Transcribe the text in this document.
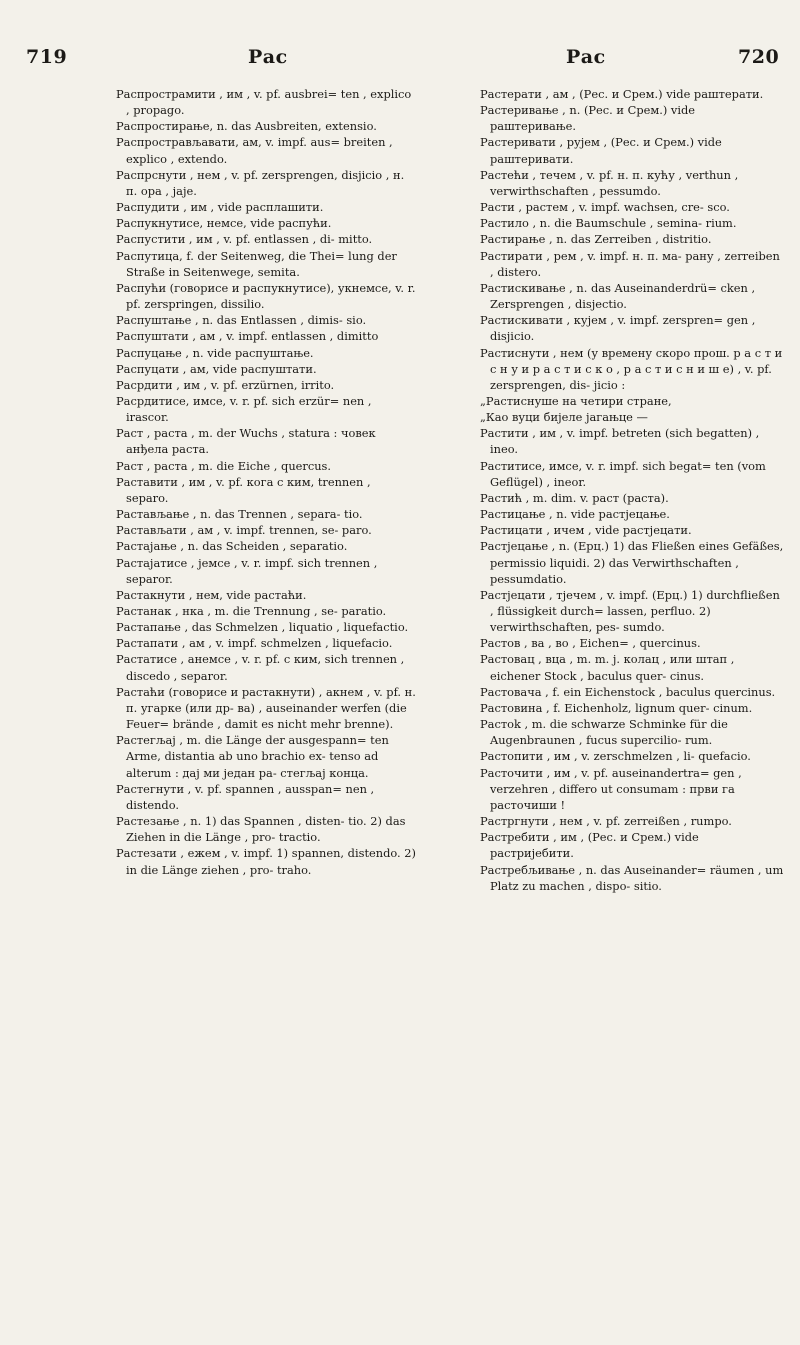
719	Рас	Рас	720

Распрострамити , им , v. pf. ausbrei= ten , explico , propago.

Распростирање, n. das Ausbreiten, extensio.

Распрострављавати, ам, v. impf. aus= breiten , explico , extendo.

Распрснути , нем , v. pf. zersprengen, disjicio , н. п. ора , jaje.

Распудити , им , vide расплашити.

Распукнутисе, немсе, vide распући.

Распустити , им , v. pf. entlassen , di- mitto.

Распутица, f. der Seitenweg, die Thei= lung der Straße in Seitenwege, semita.

Распући (говорисе и распукнутисе), укнемсе, v. r. pf. zerspringen, dissilio.

Распуштање , n. das Entlassen , dimis- sio.

Распуштати , ам , v. impf. entlassen , dimitto

Распуцање , n. vide распуштање.

Распуцати , ам, vide распуштати.

Расрдити , им , v. pf. erzürnen, irrito.

Расрдитисе, имсе, v. r. pf. sich erzür= nen , irascor.

Раст , раста , m. der Wuchs , statura : човек анђела раста.

Раст , раста , m. die Eiche , quercus.

Раставити , им , v. pf. кога с ким, trennen , separo.

Растављање , n. das Trennen , separa- tio.

Растављати , ам , v. impf. trennen, se- paro.

Растајање , n. das Scheiden , separatio.

Растајатисе , јемсе , v. r. impf. sich trennen , separor.

Растакнути , нем, vide растаћи.

Растанак , нка , m. die Trennung , se- paratio.

Растапање , das Schmelzen , liquatio , liquefactio.

Растапати , ам , v. impf. schmelzen , liquefacio.

Растатисе , анемсе , v. r. pf. с ким, sich trennen , discedo , separor.

Растаћи (говорисе и растакнути) , акнем , v. pf. н. п. угарке (или др- ва) , auseinander werfen (die Feuer= brände , damit es nicht mehr brenne).

Растегљај , m. die Länge der ausgespann= ten Arme, distantia ab uno brachio ex- tenso ad alterum : дај ми један ра- стегљај конца.

Растегнути , v. pf. spannen , ausspan= nen , distendo.

Растезање , n. 1) das Spannen , disten- tio. 2) das Ziehen in die Länge , pro- tractio.

Растезати , ежем , v. impf. 1) spannen, distendo. 2) in die Länge ziehen , pro- traho.

Растерати , ам , (Рес. и Срем.) vide раштерати.

Растеривање , n. (Рес. и Срем.) vide раштеривање.

Растеривати , рујем , (Рес. и Срем.) vide раштеривати.

Растећи , течем , v. pf. н. п. кућу , verthun , verwirthschaften , pessumdo.

Расти , растем , v. impf. wachsen, cre- sco.

Растило , n. die Baumschule , semina- rium.

Растирање , n. das Zerreiben , distritio.

Растирати , рем , v. impf. н. п. ма- рану , zerreiben , distero.

Растискивање , n. das Auseinanderdrü= cken , Zersprengen , disjectio.

Растискивати , кујем , v. impf. zerspren= gen , disjicio.

Растиснути , нем (у времену скоро прош. р а с т и с н у и р а с т и с к о , р а с т и с н и ш е) , v. pf. zersprengen, dis- jicio :

„Растиснуше на четири стране,

„Као вуци бијеле јагањце —

Растити , им , v. impf. betreten (sich begatten) , ineo.

Раститисе, имсе, v. r. impf. sich begat= ten (vom Geflügel) , ineor.

Растић , m. dim. v. раст (раста).

Растицање , n. vide растјецање.

Растицати , ичем , vide растјецати.

Растјецање , n. (Ерц.) 1) das Fließen eines Gefäßes, permissio liquidi. 2) das Verwirthschaften , pessumdatio.

Растјецати , тјечем , v. impf. (Ерц.) 1) durchfließen , flüssigkeit durch= lassen, perfluo. 2) verwirthschaften, pes- sumdo.

Растов , ва , во , Eichen= , quercinus.

Растовац , вца , m. m. j. колац , или штап , eichener Stock , baculus quer- cinus.

Растовача , f. ein Eichenstock , baculus quercinus.

Растовина , f. Eichenholz, lignum quer- cinum.

Растоk , m. die schwarze Schminke für die Augenbraunen , fucus supercilio- rum.

Растопити , им , v. zerschmelzen , li- quefacio.

Расточити , им , v. pf. auseinandertra= gen , verzehren , differo ut consumam : први га расточиши !

Растргнути , нем , v. pf. zerreißen , rumpo.

Растребити , им , (Рес. и Срем.) vide растријебити.

Растребљивање , n. das Auseinander= räumen , um Platz zu machen , dispo- sitio.
